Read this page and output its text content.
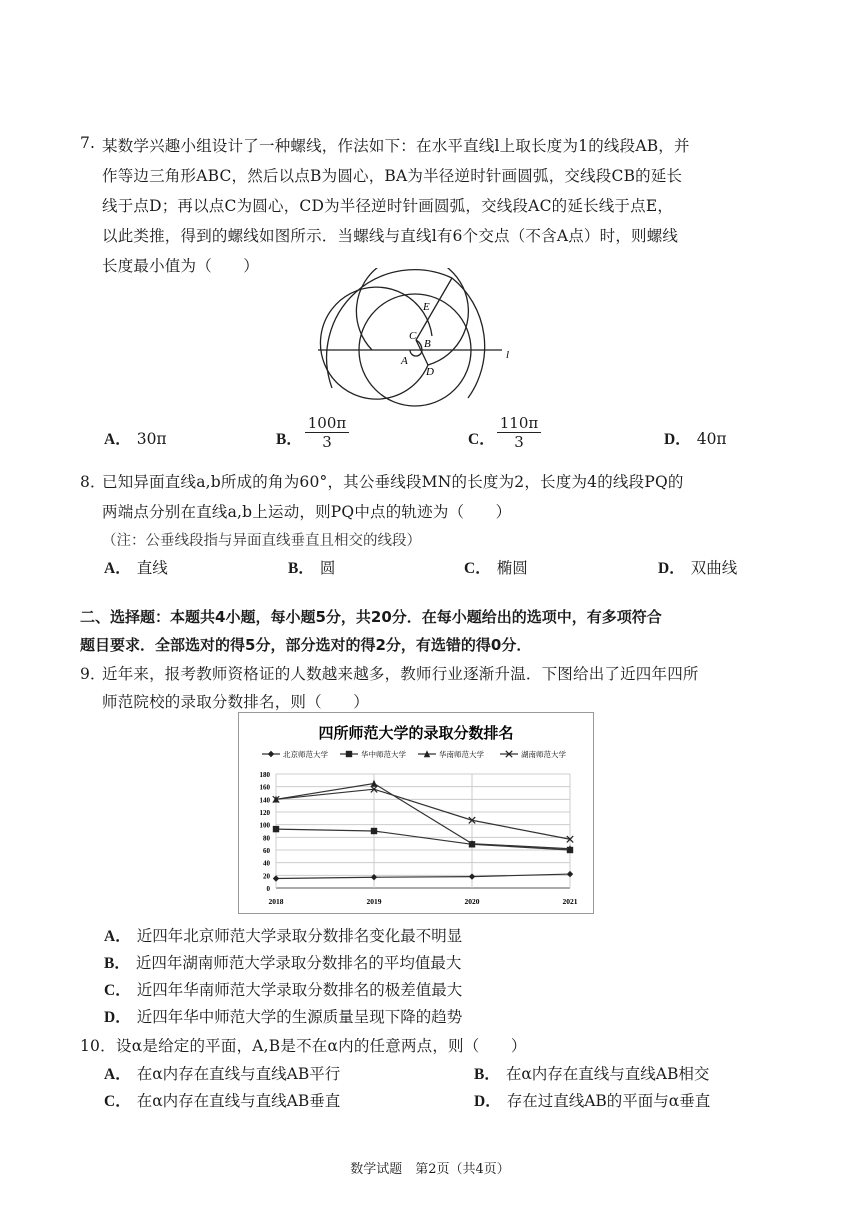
7. 某数学兴趣小组设计了一种螺线，作法如下：在水平直线l上取长度为1的线段AB，并
作等边三角形ABC，然后以点B为圆心，BA为半径逆时针画圆弧，交线段CB的延长
线于点D；再以点C为圆心，CD为半径逆时针画圆弧，交线段AC的延长线于点E，
以此类推，得到的螺线如图所示．当螺线与直线l有6个交点（不含A点）时，则螺线
长度最小值为（　　）
E
C
B
A
D
l
A． 30π	B． $\frac{100\pi}{3}$	C． $\frac{110\pi}{3}$	D． 40π
8．
已知异面直线a,b所成的角为60°，其公垂线段MN的长度为2，长度为4的线段PQ的
两端点分别在直线a,b上运动，则PQ中点的轨迹为（　　）
（注：公垂线段指与异面直线垂直且相交的线段）
A． 直线	B． 圆	C． 椭圆	D． 双曲线
二、选择题：本题共4小题，每小题5分，共20分．在每小题给出的选项中，有多项符合
题目要求．全部选对的得5分，部分选对的得2分，有选错的得0分．
9．
近年来，报考教师资格证的人数越来越多，教师行业逐渐升温．下图给出了近四年四所
师范院校的录取分数排名，则（　　）
四所师范大学的录取分数排名
北京师范大学	华中师范大学	华南师范大学	湖南师范大学
0
20
40
60
80
100
120
140
160
180
2018	2019	2020	2021
A． 近四年北京师范大学录取分数排名变化最不明显
B． 近四年湖南师范大学录取分数排名的平均值最大
C． 近四年华南师范大学录取分数排名的极差值最大
D． 近四年华中师范大学的生源质量呈现下降的趋势
10． 设α是给定的平面，A,B是不在α内的任意两点，则（　　）
A． 在α内存在直线与直线AB平行	B． 在α内存在直线与直线AB相交
C． 在α内存在直线与直线AB垂直	D． 存在过直线AB的平面与α垂直
数学试题　第2页（共4页）
